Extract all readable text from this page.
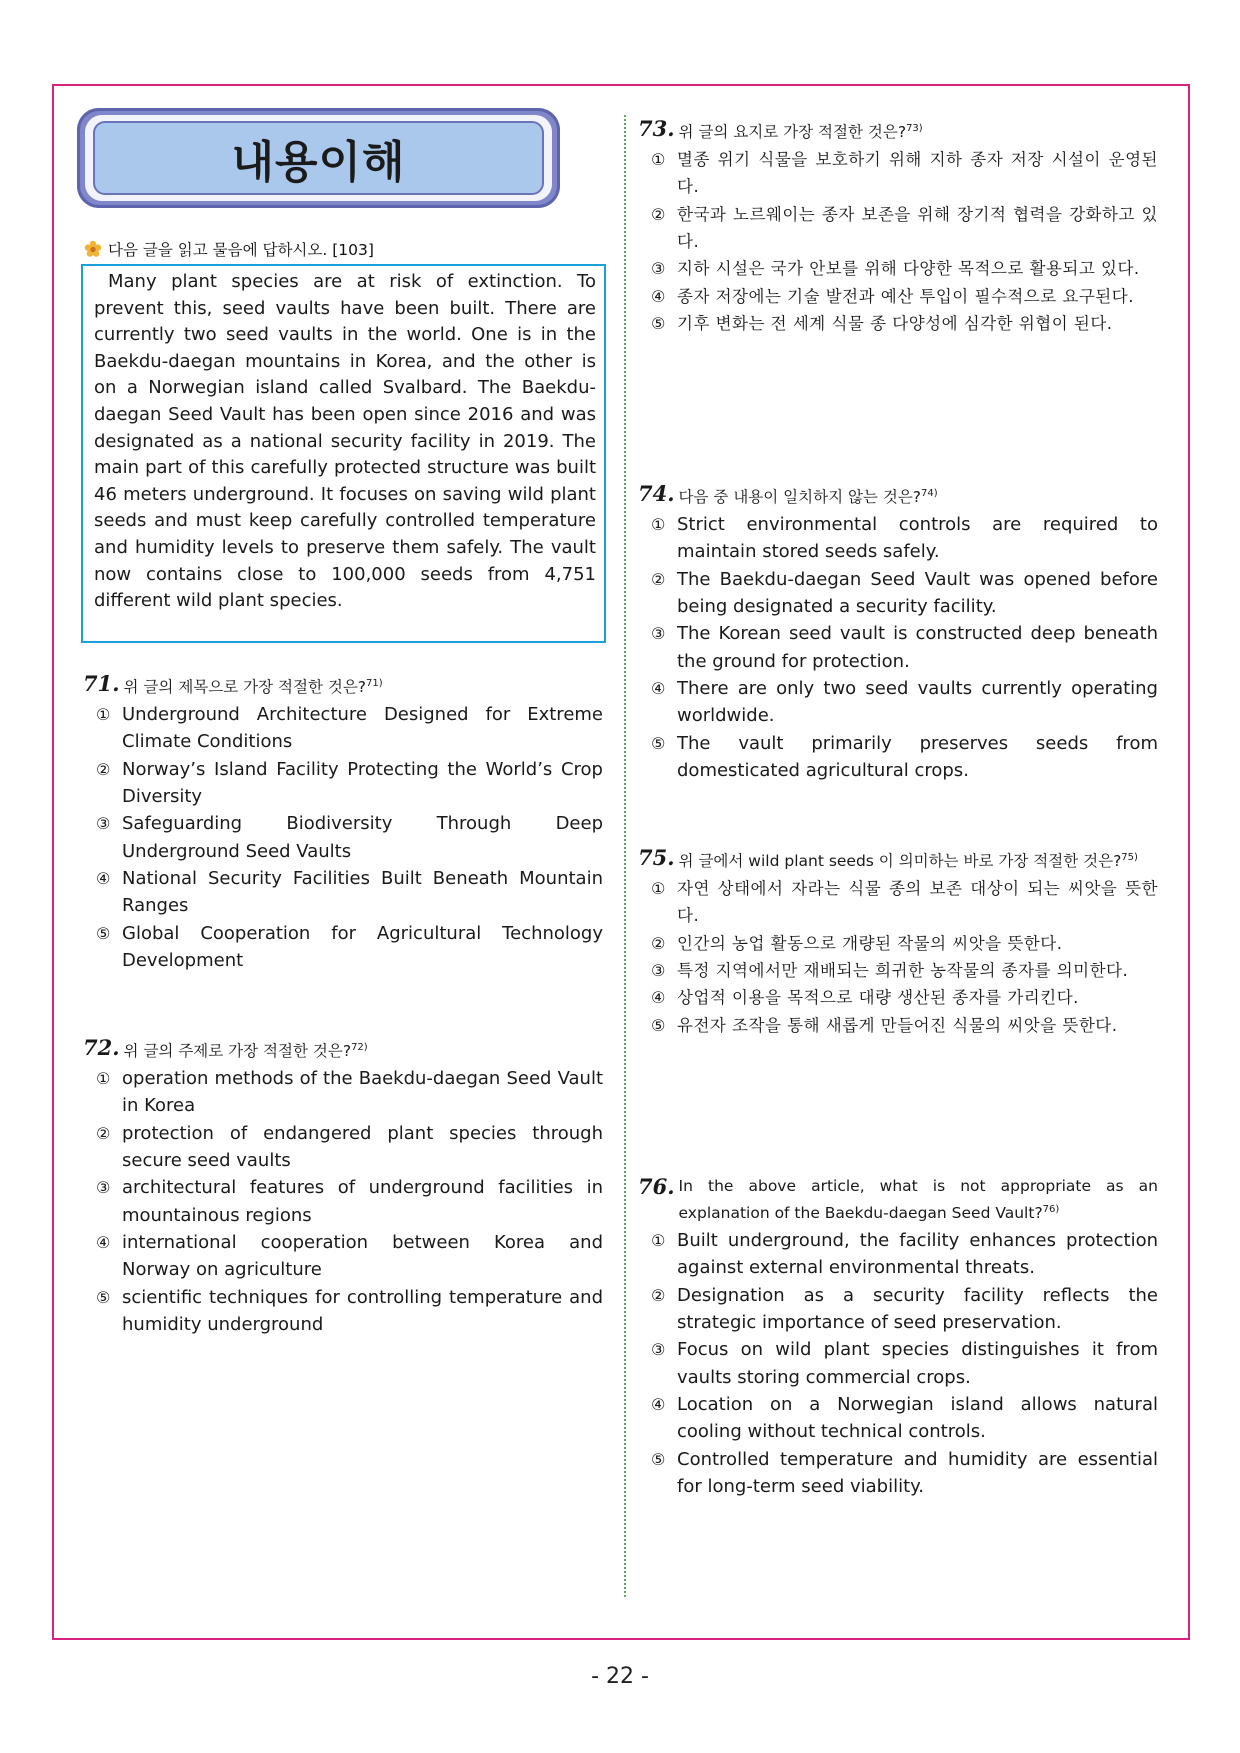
내용이해
다음 글을 읽고 물음에 답하시오. [103]

Many plant species are at risk of extinction. To prevent this, seed vaults have been built. There are currently two seed vaults in the world. One is in the Baekdu-daegan mountains in Korea, and the other is on a Norwegian island called Svalbard. The Baekdu-daegan Seed Vault has been open since 2016 and was designated as a national security facility in 2019. The main part of this carefully protected structure was built 46 meters underground. It focuses on saving wild plant seeds and must keep carefully controlled temperature and humidity levels to preserve them safely. The vault now contains close to 100,000 seeds from 4,751 different wild plant species.

71. 위 글의 제목으로 가장 적절한 것은?$^{71)}$
① Underground Architecture Designed for Extreme Climate Conditions
② Norway’s Island Facility Protecting the World’s Crop Diversity
③ Safeguarding Biodiversity Through Deep Underground Seed Vaults
④ National Security Facilities Built Beneath Mountain Ranges
⑤ Global Cooperation for Agricultural Technology Development
72. 위 글의 주제로 가장 적절한 것은?$^{72)}$
① operation methods of the Baekdu-daegan Seed Vault in Korea
② protection of endangered plant species through secure seed vaults
③ architectural features of underground facilities in mountainous regions
④ international cooperation between Korea and Norway on agriculture
⑤ scientific techniques for controlling temperature and humidity underground
73. 위 글의 요지로 가장 적절한 것은?$^{73)}$
① 멸종 위기 식물을 보호하기 위해 지하 종자 저장 시설이 운영된다.
② 한국과 노르웨이는 종자 보존을 위해 장기적 협력을 강화하고 있다.
③ 지하 시설은 국가 안보를 위해 다양한 목적으로 활용되고 있다.
④ 종자 저장에는 기술 발전과 예산 투입이 필수적으로 요구된다.
⑤ 기후 변화는 전 세계 식물 종 다양성에 심각한 위협이 된다.
74. 다음 중 내용이 일치하지 않는 것은?$^{74)}$
① Strict environmental controls are required to maintain stored seeds safely.
② The Baekdu-daegan Seed Vault was opened before being designated a security facility.
③ The Korean seed vault is constructed deep beneath the ground for protection.
④ There are only two seed vaults currently operating worldwide.
⑤ The vault primarily preserves seeds from domesticated agricultural crops.
75. 위 글에서 wild plant seeds 이 의미하는 바로 가장 적절한 것은?$^{75)}$
① 자연 상태에서 자라는 식물 종의 보존 대상이 되는 씨앗을 뜻한다.
② 인간의 농업 활동으로 개량된 작물의 씨앗을 뜻한다.
③ 특정 지역에서만 재배되는 희귀한 농작물의 종자를 의미한다.
④ 상업적 이용을 목적으로 대량 생산된 종자를 가리킨다.
⑤ 유전자 조작을 통해 새롭게 만들어진 식물의 씨앗을 뜻한다.
76. In the above article, what is not appropriate as an explanation of the Baekdu-daegan Seed Vault?$^{76)}$
① Built underground, the facility enhances protection against external environmental threats.
② Designation as a security facility reflects the strategic importance of seed preservation.
③ Focus on wild plant species distinguishes it from vaults storing commercial crops.
④ Location on a Norwegian island allows natural cooling without technical controls.
⑤ Controlled temperature and humidity are essential for long-term seed viability.
- 22 -
